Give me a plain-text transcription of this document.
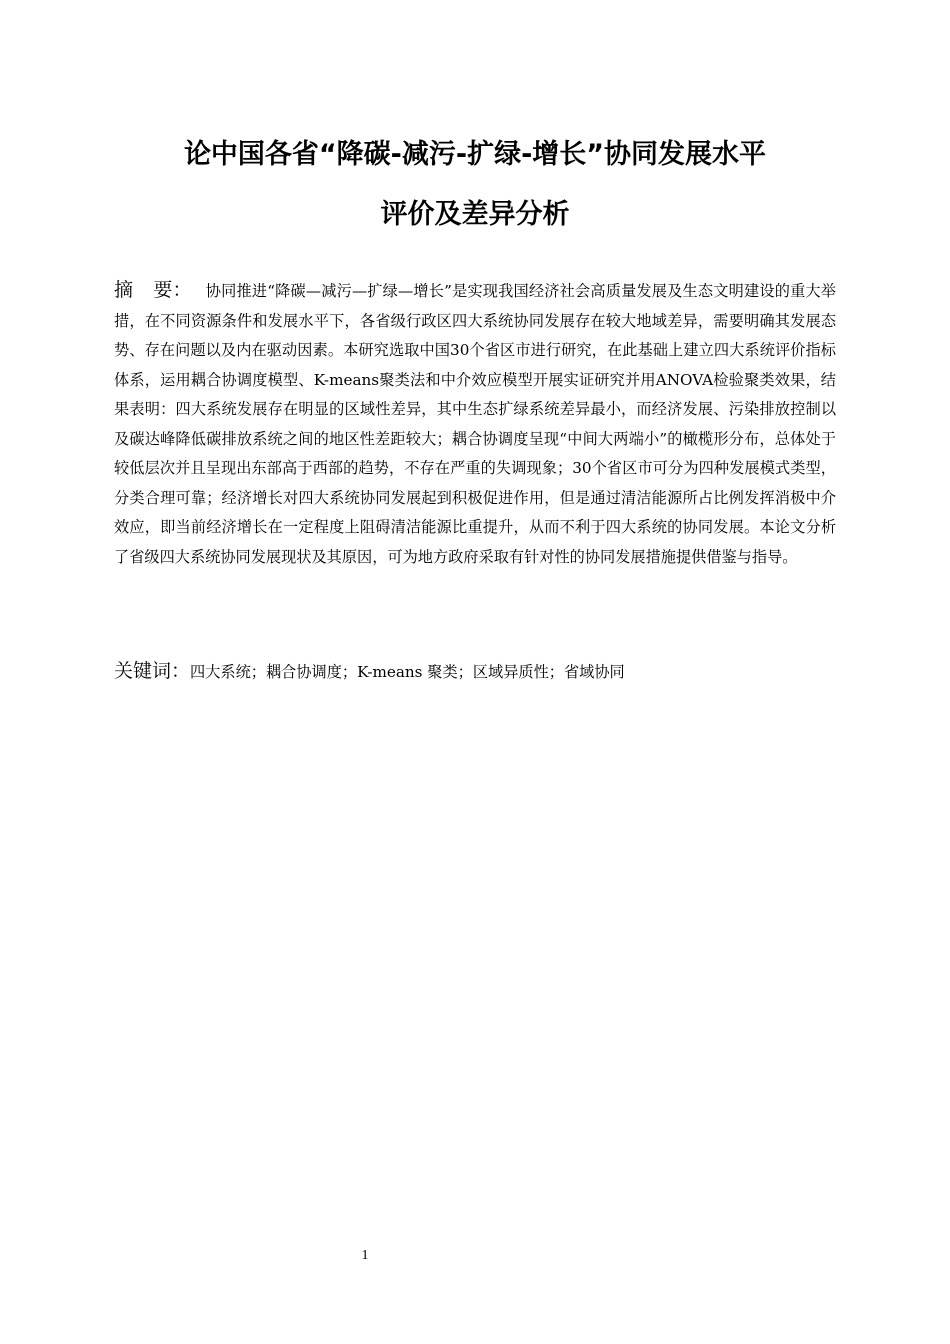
论中国各省“降碳-减污-扩绿-增长”协同发展水平
评价及差异分析
摘 要： 协同推进“降碳—减污—扩绿—增长”是实现我国经济社会高质量发展及生态文明建设的重大举措，在不同资源条件和发展水平下，各省级行政区四大系统协同发展存在较大地域差异，需要明确其发展态势、存在问题以及内在驱动因素。本研究选取中国30个省区市进行研究，在此基础上建立四大系统评价指标体系，运用耦合协调度模型、K-means聚类法和中介效应模型开展实证研究并用ANOVA检验聚类效果，结果表明：四大系统发展存在明显的区域性差异，其中生态扩绿系统差异最小，而经济发展、污染排放控制以及碳达峰降低碳排放系统之间的地区性差距较大；耦合协调度呈现“中间大两端小”的橄榄形分布，总体处于较低层次并且呈现出东部高于西部的趋势，不存在严重的失调现象；30个省区市可分为四种发展模式类型，分类合理可靠；经济增长对四大系统协同发展起到积极促进作用，但是通过清洁能源所占比例发挥消极中介效应，即当前经济增长在一定程度上阻碍清洁能源比重提升，从而不利于四大系统的协同发展。本论文分析了省级四大系统协同发展现状及其原因，可为地方政府采取有针对性的协同发展措施提供借鉴与指导。
关键词：四大系统；耦合协调度；K-means 聚类；区域异质性；省域协同
1
